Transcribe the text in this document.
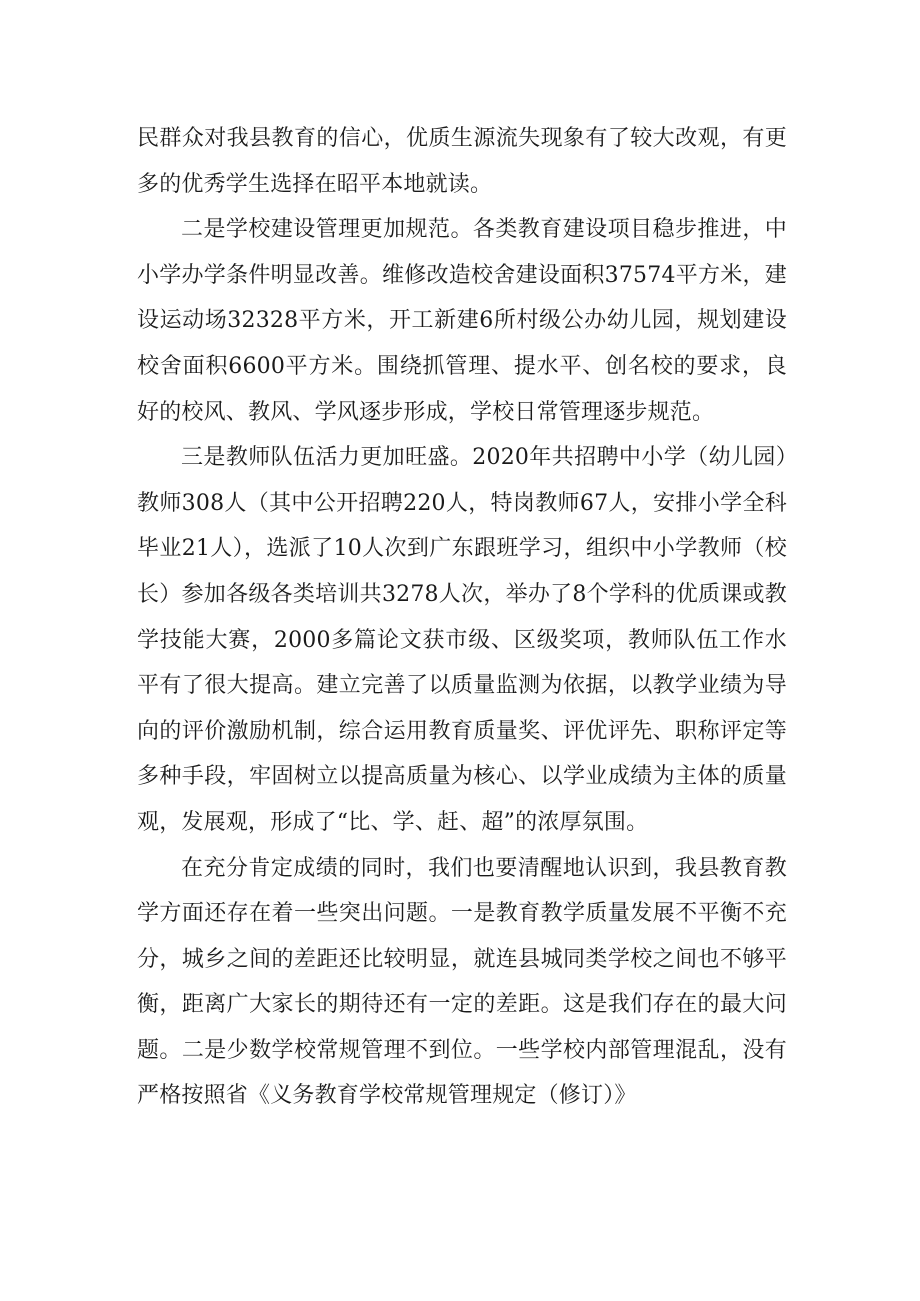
民群众对我县教育的信心，优质生源流失现象有了较大改观，有更多的优秀学生选择在昭平本地就读。

二是学校建设管理更加规范。各类教育建设项目稳步推进，中小学办学条件明显改善。维修改造校舍建设面积37574平方米，建设运动场32328平方米，开工新建6所村级公办幼儿园，规划建设校舍面积6600平方米。围绕抓管理、提水平、创名校的要求，良好的校风、教风、学风逐步形成，学校日常管理逐步规范。

三是教师队伍活力更加旺盛。2020年共招聘中小学（幼儿园）教师308人（其中公开招聘220人，特岗教师67人，安排小学全科毕业21人），选派了10人次到广东跟班学习，组织中小学教师（校长）参加各级各类培训共3278人次，举办了8个学科的优质课或教学技能大赛，2000多篇论文获市级、区级奖项，教师队伍工作水平有了很大提高。建立完善了以质量监测为依据，以教学业绩为导向的评价激励机制，综合运用教育质量奖、评优评先、职称评定等多种手段，牢固树立以提高质量为核心、以学业成绩为主体的质量观，发展观，形成了“比、学、赶、超”的浓厚氛围。

在充分肯定成绩的同时，我们也要清醒地认识到，我县教育教学方面还存在着一些突出问题。一是教育教学质量发展不平衡不充分，城乡之间的差距还比较明显，就连县城同类学校之间也不够平衡，距离广大家长的期待还有一定的差距。这是我们存在的最大问题。二是少数学校常规管理不到位。一些学校内部管理混乱，没有严格按照省《义务教育学校常规管理规定（修订）》
